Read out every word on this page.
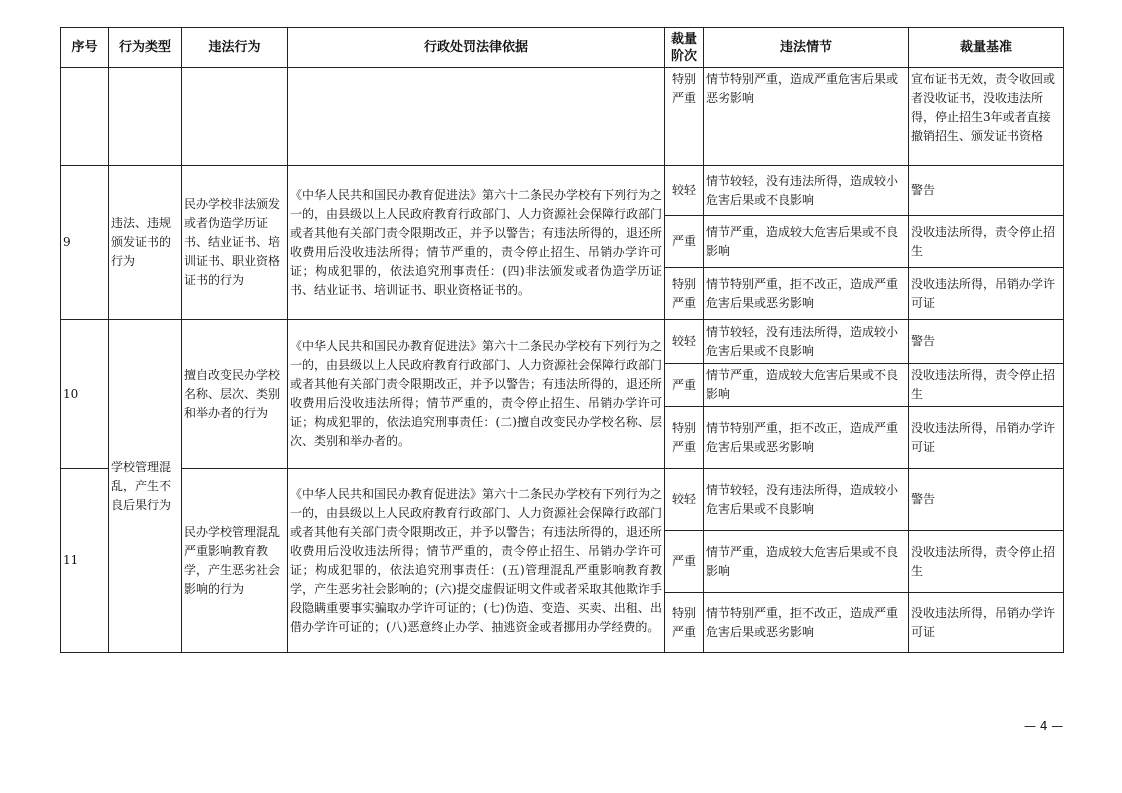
序号	行为类型	违法行为	行政处罚法律依据	裁量阶次	违法情节	裁量基准
				特别严重	情节特别严重，造成严重危害后果或恶劣影响	宣布证书无效，责令收回或者没收证书，没收违法所得，停止招生3年或者直接撤销招生、颁发证书资格
9	违法、违规颁发证书的行为	民办学校非法颁发或者伪造学历证书、结业证书、培训证书、职业资格证书的行为	《中华人民共和国民办教育促进法》第六十二条民办学校有下列行为之一的，由县级以上人民政府教育行政部门、人力资源社会保障行政部门或者其他有关部门责令限期改正，并予以警告；有违法所得的，退还所收费用后没收违法所得；情节严重的，责令停止招生、吊销办学许可证；构成犯罪的，依法追究刑事责任：(四)非法颁发或者伪造学历证书、结业证书、培训证书、职业资格证书的。	较轻	情节较轻，没有违法所得，造成较小危害后果或不良影响	警告
				严重	情节严重，造成较大危害后果或不良影响	没收违法所得，责令停止招生
				特别严重	情节特别严重，拒不改正，造成严重危害后果或恶劣影响	没收违法所得，吊销办学许可证
10	学校管理混乱，产生不良后果行为	擅自改变民办学校名称、层次、类别和举办者的行为	《中华人民共和国民办教育促进法》第六十二条民办学校有下列行为之一的，由县级以上人民政府教育行政部门、人力资源社会保障行政部门或者其他有关部门责令限期改正，并予以警告；有违法所得的，退还所收费用后没收违法所得；情节严重的，责令停止招生、吊销办学许可证；构成犯罪的，依法追究刑事责任：(二)擅自改变民办学校名称、层次、类别和举办者的。	较轻	情节较轻，没有违法所得，造成较小危害后果或不良影响	警告
				严重	情节严重，造成较大危害后果或不良影响	没收违法所得，责令停止招生
				特别严重	情节特别严重，拒不改正，造成严重危害后果或恶劣影响	没收违法所得，吊销办学许可证
11		民办学校管理混乱严重影响教育教学，产生恶劣社会影响的行为	《中华人民共和国民办教育促进法》第六十二条民办学校有下列行为之一的，由县级以上人民政府教育行政部门、人力资源社会保障行政部门或者其他有关部门责令限期改正，并予以警告；有违法所得的，退还所收费用后没收违法所得；情节严重的，责令停止招生、吊销办学许可证；构成犯罪的，依法追究刑事责任：(五)管理混乱严重影响教育教学，产生恶劣社会影响的；(六)提交虚假证明文件或者采取其他欺诈手段隐瞒重要事实骗取办学许可证的；(七)伪造、变造、买卖、出租、出借办学许可证的；(八)恶意终止办学、抽逃资金或者挪用办学经费的。	较轻	情节较轻，没有违法所得，造成较小危害后果或不良影响	警告
				严重	情节严重，造成较大危害后果或不良影响	没收违法所得，责令停止招生
				特别严重	情节特别严重，拒不改正，造成严重危害后果或恶劣影响	没收违法所得，吊销办学许可证
— 4 —
